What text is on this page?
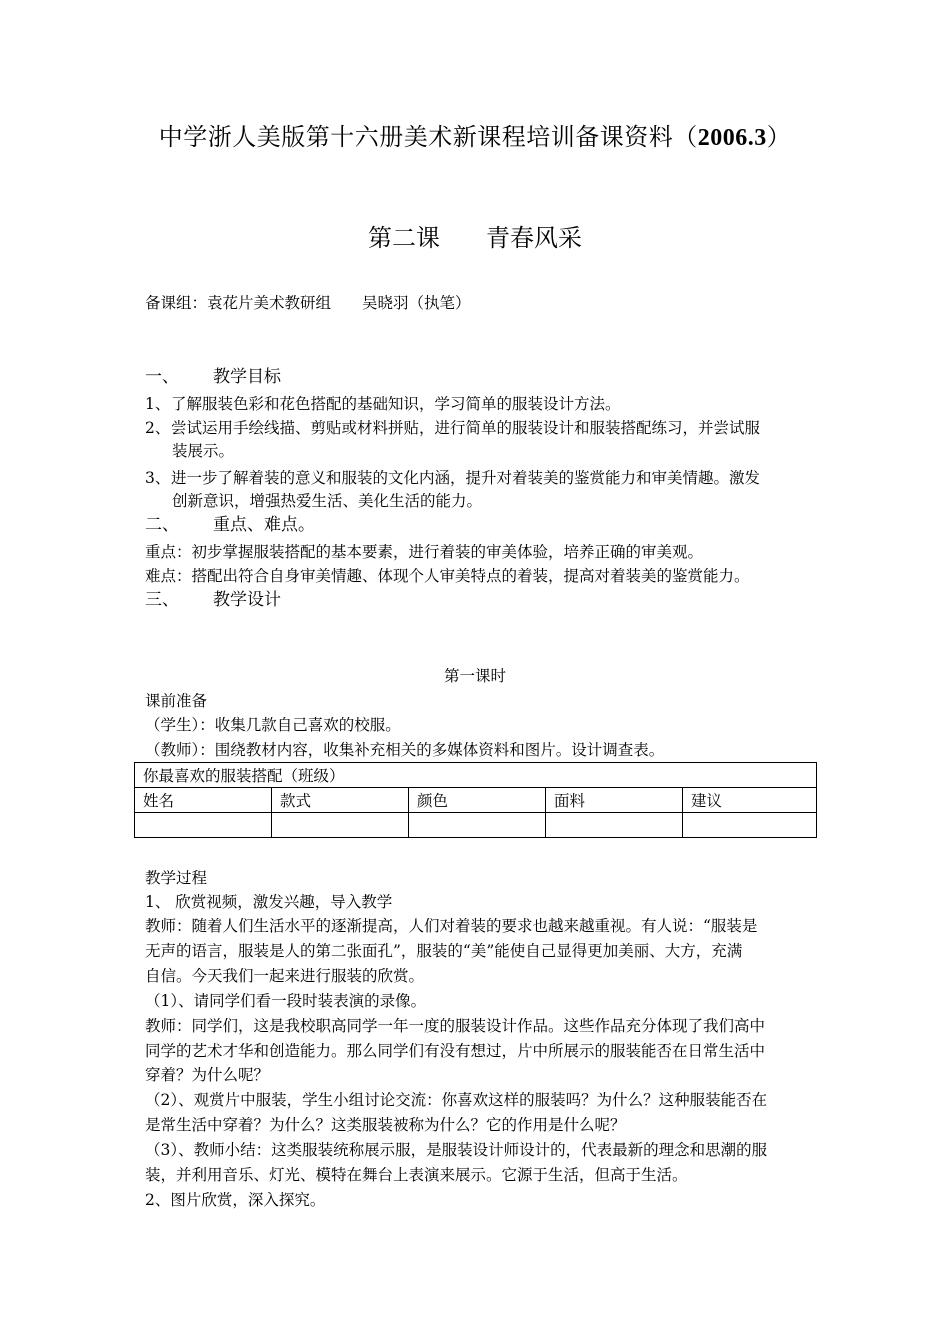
中学浙人美版第十六册美术新课程培训备课资料（2006.3）
第二课 青春风采
备课组：袁花片美术教研组　　吴晓羽（执笔）
一、 教学目标
1、了解服装色彩和花色搭配的基础知识，学习简单的服装设计方法。
2、尝试运用手绘线描、剪贴或材料拼贴，进行简单的服装设计和服装搭配练习，并尝试服
装展示。
3、进一步了解着装的意义和服装的文化内涵，提升对着装美的鉴赏能力和审美情趣。激发
创新意识，增强热爱生活、美化生活的能力。
二、 重点、难点。
重点：初步掌握服装搭配的基本要素，进行着装的审美体验，培养正确的审美观。
难点：搭配出符合自身审美情趣、体现个人审美特点的着装，提高对着装美的鉴赏能力。
三、 教学设计
第一课时
课前准备
（学生）：收集几款自己喜欢的校服。
（教师）：围绕教材内容，收集补充相关的多媒体资料和图片。设计调查表。
你最喜欢的服装搭配（班级）				
姓名	款式	颜色	面料	建议

教学过程
1、 欣赏视频，激发兴趣，导入教学
教师：随着人们生活水平的逐渐提高，人们对着装的要求也越来越重视。有人说：“服装是
无声的语言，服装是人的第二张面孔”，服装的“美”能使自己显得更加美丽、大方，充满
自信。今天我们一起来进行服装的欣赏。
（1）、请同学们看一段时装表演的录像。
教师：同学们，这是我校职高同学一年一度的服装设计作品。这些作品充分体现了我们高中
同学的艺术才华和创造能力。那么同学们有没有想过，片中所展示的服装能否在日常生活中
穿着？为什么呢？
（2）、观赏片中服装，学生小组讨论交流：你喜欢这样的服装吗？为什么？这种服装能否在
是常生活中穿着？为什么？这类服装被称为什么？它的作用是什么呢？
（3）、教师小结：这类服装统称展示服，是服装设计师设计的，代表最新的理念和思潮的服
装，并利用音乐、灯光、模特在舞台上表演来展示。它源于生活，但高于生活。
2、图片欣赏，深入探究。
